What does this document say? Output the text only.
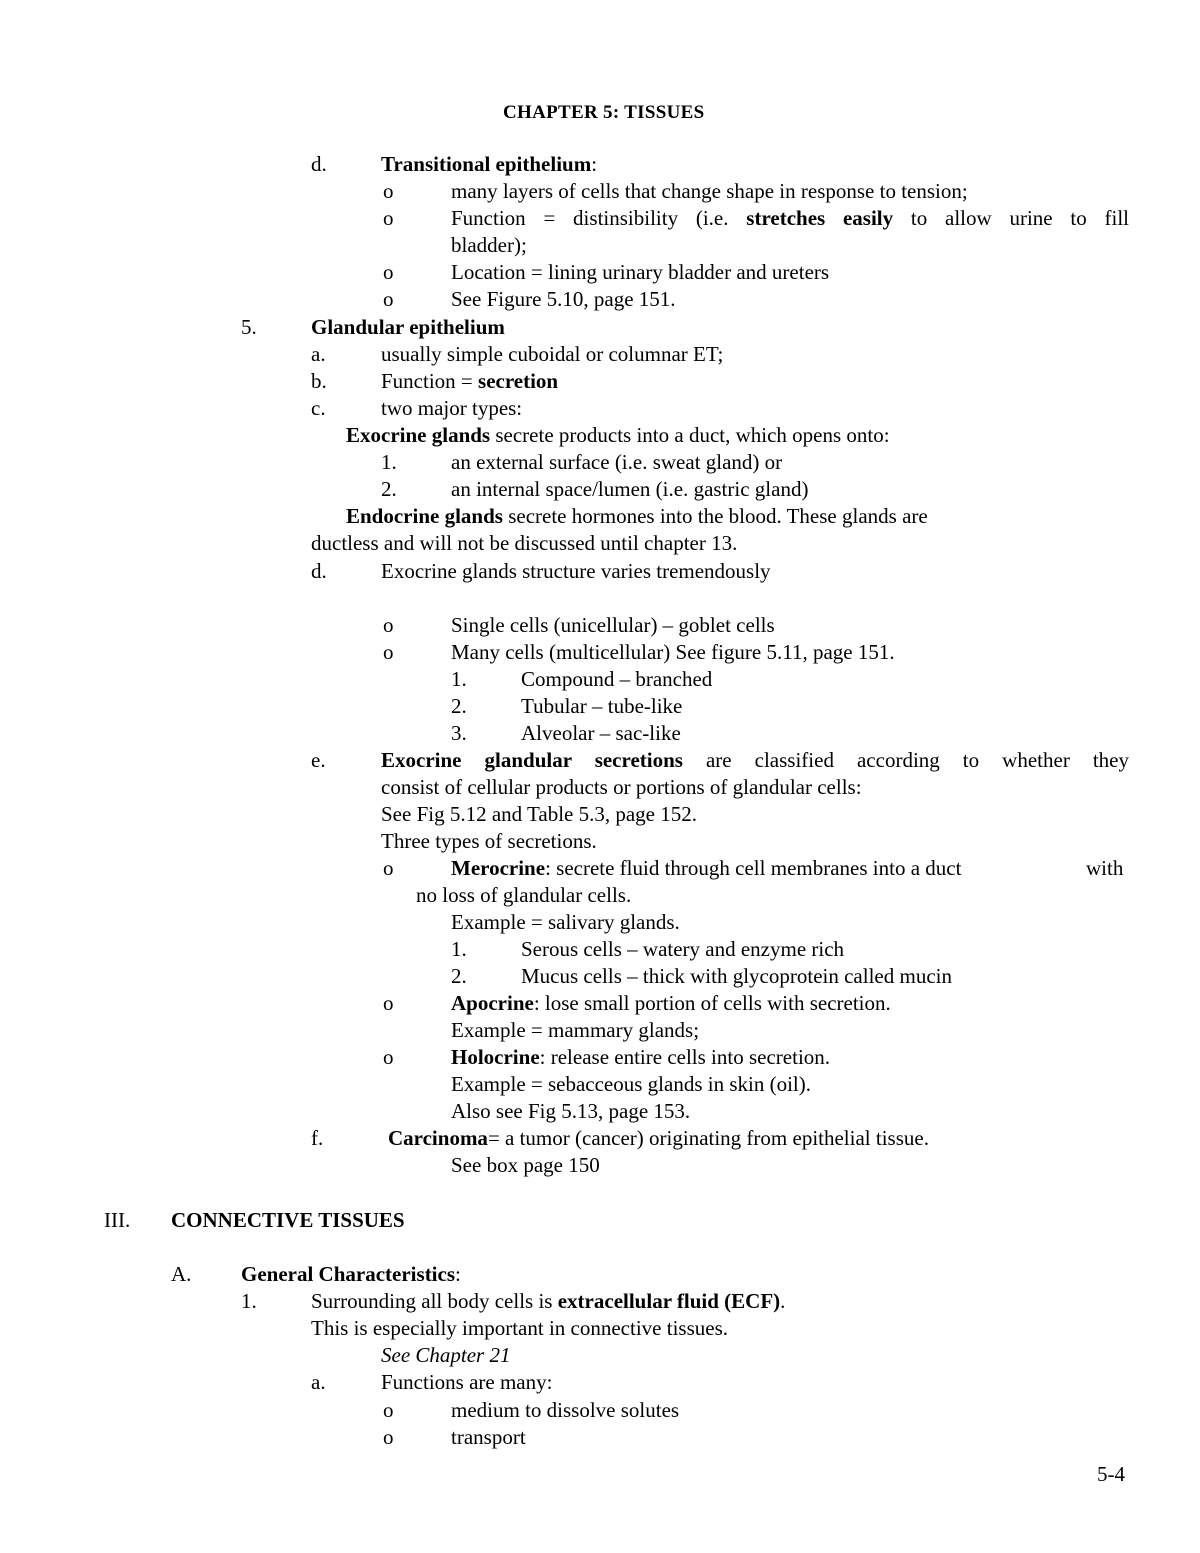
CHAPTER 5: TISSUES
d.	Transitional epithelium:
o	many layers of cells that change shape in response to tension;
o	Function = distinsibility (i.e. stretches easily to allow urine to fill
bladder);
o	Location = lining urinary bladder and ureters
o	See Figure 5.10, page 151.
5.	Glandular epithelium
a.	usually simple cuboidal or columnar ET;
b.	Function = secretion
c.	two major types:
Exocrine glands secrete products into a duct, which opens onto:
1.	an external surface (i.e. sweat gland) or
2.	an internal space/lumen (i.e. gastric gland)
Endocrine glands secrete hormones into the blood. These glands are
ductless and will not be discussed until chapter 13.
d.	Exocrine glands structure varies tremendously
o	Single cells (unicellular) – goblet cells
o	Many cells (multicellular) See figure 5.11, page 151.
1.	Compound – branched
2.	Tubular – tube-like
3.	Alveolar – sac-like
e.	Exocrine glandular secretions are classified according to whether they
consist of cellular products or portions of glandular cells:
See Fig 5.12 and Table 5.3, page 152.
Three types of secretions.
o	Merocrine: secrete fluid through cell membranes into a duct	with
no loss of glandular cells.
Example = salivary glands.
1.	Serous cells – watery and enzyme rich
2.	Mucus cells – thick with glycoprotein called mucin
o	Apocrine: lose small portion of cells with secretion.
Example = mammary glands;
o	Holocrine: release entire cells into secretion.
Example = sebacceous glands in skin (oil).
Also see Fig 5.13, page 153.
f.	Carcinoma= a tumor (cancer) originating from epithelial tissue.
See box page 150
III. CONNECTIVE TISSUES
A. General Characteristics:
1.	Surrounding all body cells is extracellular fluid (ECF).
This is especially important in connective tissues.
See Chapter 21
a.	Functions are many:
o	medium to dissolve solutes
o	transport
5-4
